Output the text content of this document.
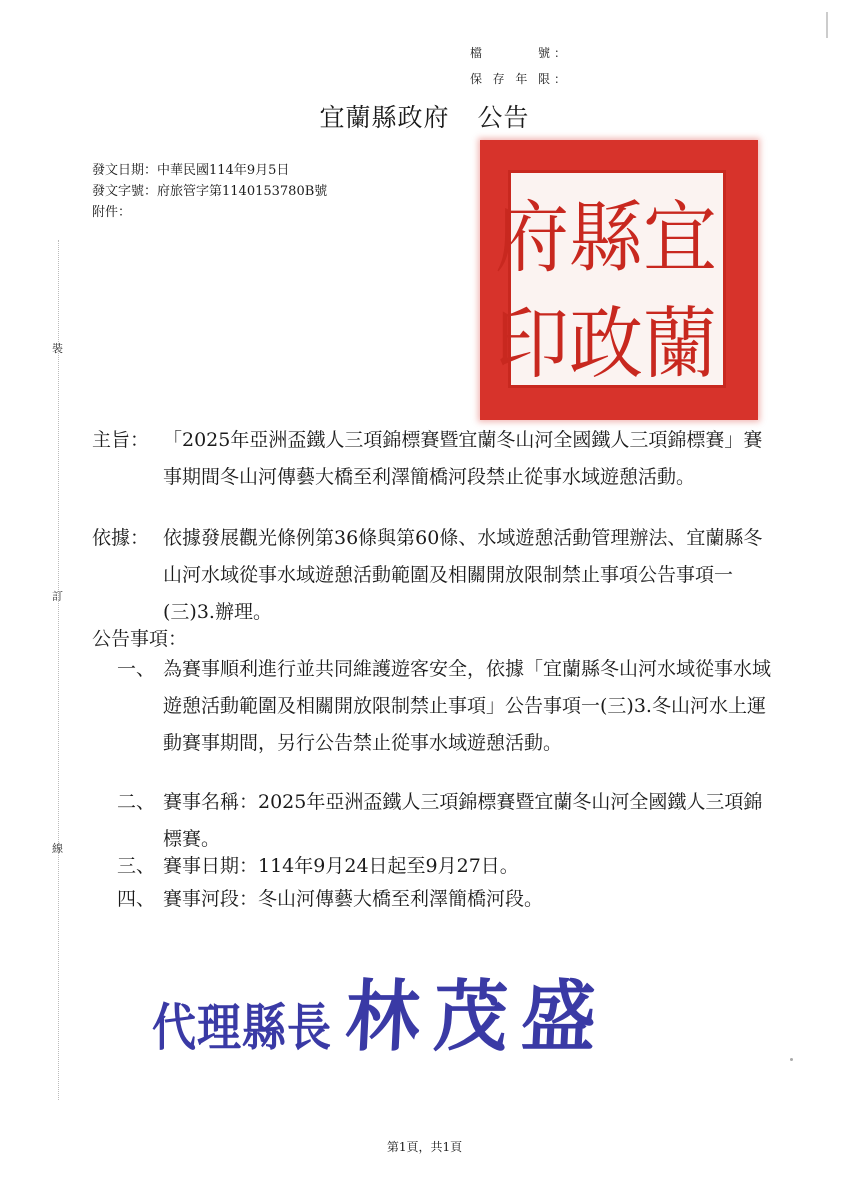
檔號 ：
保存年限 ：
宜蘭縣政府 公告
發文日期：中華民國114年9月5日
發文字號：府旅管字第1140153780B號
附件：	宜
縣
府
蘭
政
印
裝
訂
線
主旨： 「2025年亞洲盃鐵人三項錦標賽暨宜蘭冬山河全國鐵人三項錦標賽」賽事期間冬山河傳藝大橋至利澤簡橋河段禁止從事水域遊憩活動。
依據： 依據發展觀光條例第36條與第60條、水域遊憩活動管理辦法、宜蘭縣冬山河水域從事水域遊憩活動範圍及相關開放限制禁止事項公告事項一(三)3.辦理。
公告事項：
一、 為賽事順利進行並共同維護遊客安全，依據「宜蘭縣冬山河水域從事水域遊憩活動範圍及相關開放限制禁止事項」公告事項一(三)3.冬山河水上運動賽事期間，另行公告禁止從事水域遊憩活動。
二、 賽事名稱：2025年亞洲盃鐵人三項錦標賽暨宜蘭冬山河全國鐵人三項錦標賽。
三、 賽事日期：114年9月24日起至9月27日。
四、 賽事河段：冬山河傳藝大橋至利澤簡橋河段。
代理縣長 林茂盛
第1頁，共1頁
